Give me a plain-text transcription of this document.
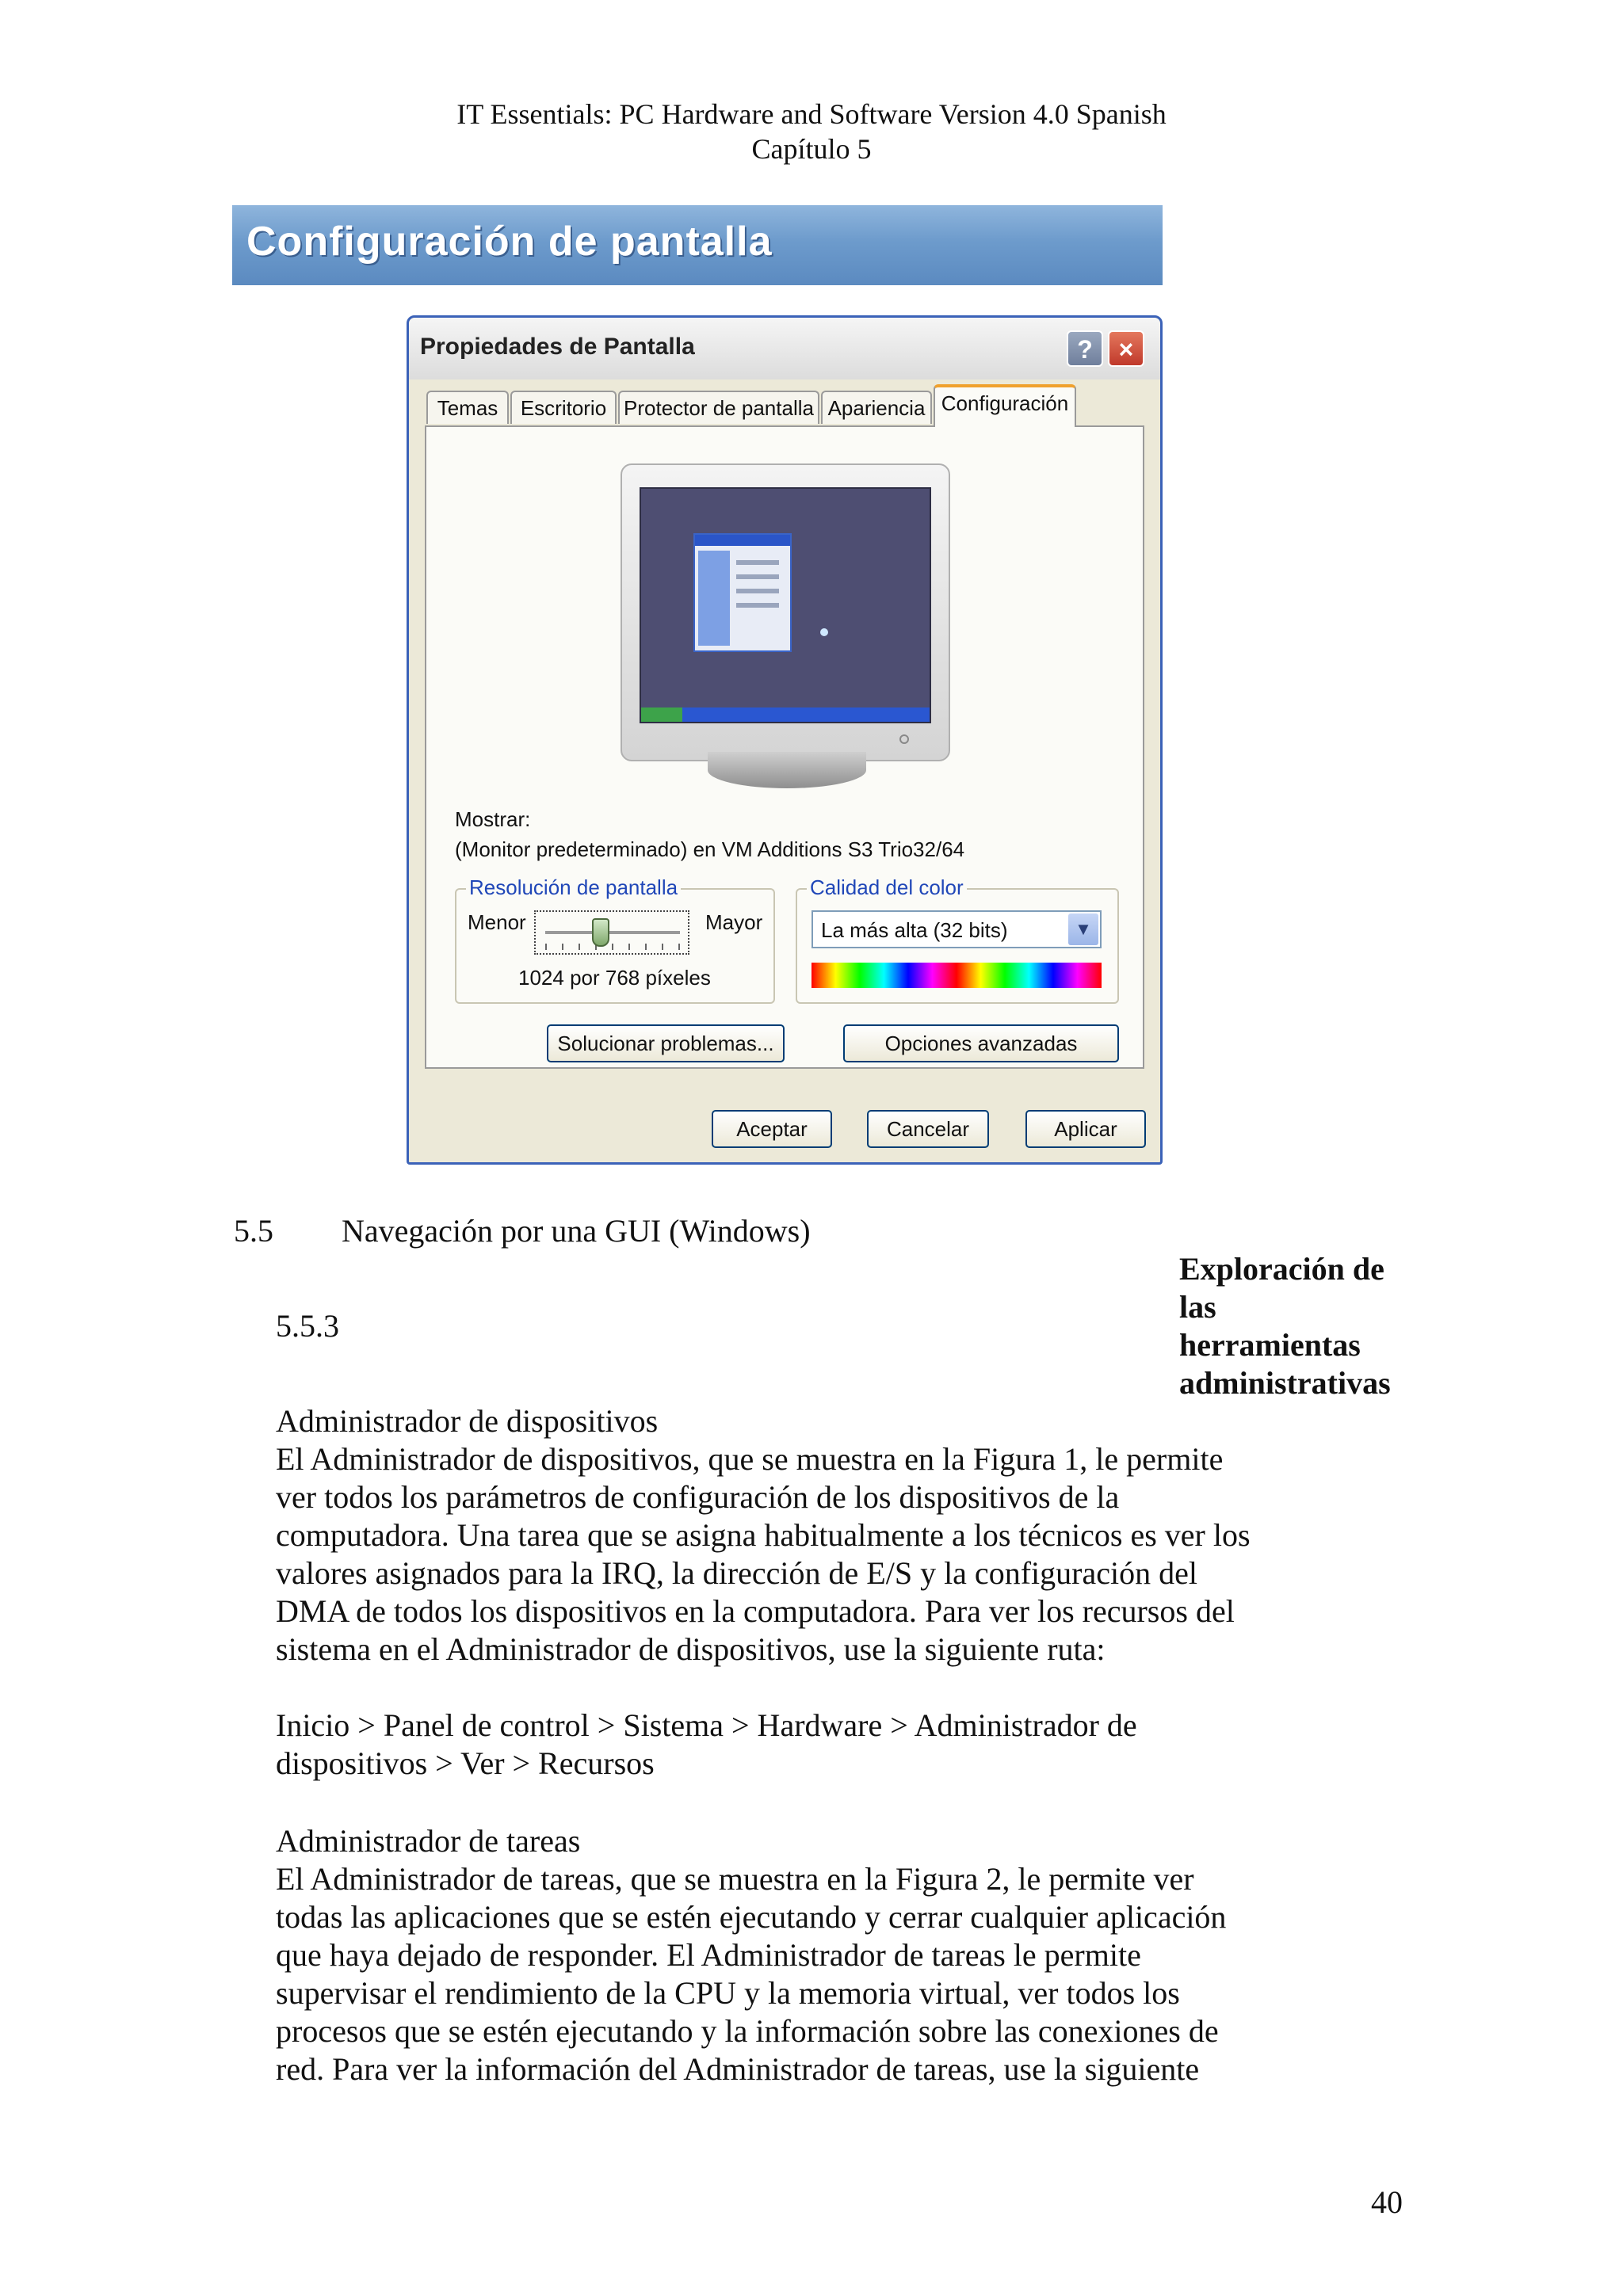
IT Essentials: PC Hardware and Software Version 4.0 Spanish
Capítulo 5
Configuración de pantalla
Propiedades de Pantalla	?	×
Temas	Escritorio Protector de pantalla Apariencia Configuración
Mostrar:
(Monitor predeterminado) en VM Additions S3 Trio32/64
Resolución de pantalla
Menor	Mayor
1024 por 768 píxeles
Calidad del color
La más alta (32 bits)	▼
Solucionar problemas...	Opciones avanzadas
Aceptar	Cancelar	Aplicar
5.5 Navegación por una GUI (Windows)
5.5.3

Exploración de

las

herramientas

administrativas

Administrador de dispositivos

El Administrador de dispositivos, que se muestra en la Figura 1, le permite

ver todos los parámetros de configuración de los dispositivos de la

computadora. Una tarea que se asigna habitualmente a los técnicos es ver los

valores asignados para la IRQ, la dirección de E/S y la configuración del

DMA de todos los dispositivos en la computadora. Para ver los recursos del

sistema en el Administrador de dispositivos, use la siguiente ruta:

Inicio > Panel de control > Sistema > Hardware > Administrador de

dispositivos > Ver > Recursos

Administrador de tareas

El Administrador de tareas, que se muestra en la Figura 2, le permite ver

todas las aplicaciones que se estén ejecutando y cerrar cualquier aplicación

que haya dejado de responder. El Administrador de tareas le permite

supervisar el rendimiento de la CPU y la memoria virtual, ver todos los

procesos que se estén ejecutando y la información sobre las conexiones de

red. Para ver la información del Administrador de tareas, use la siguiente

40
